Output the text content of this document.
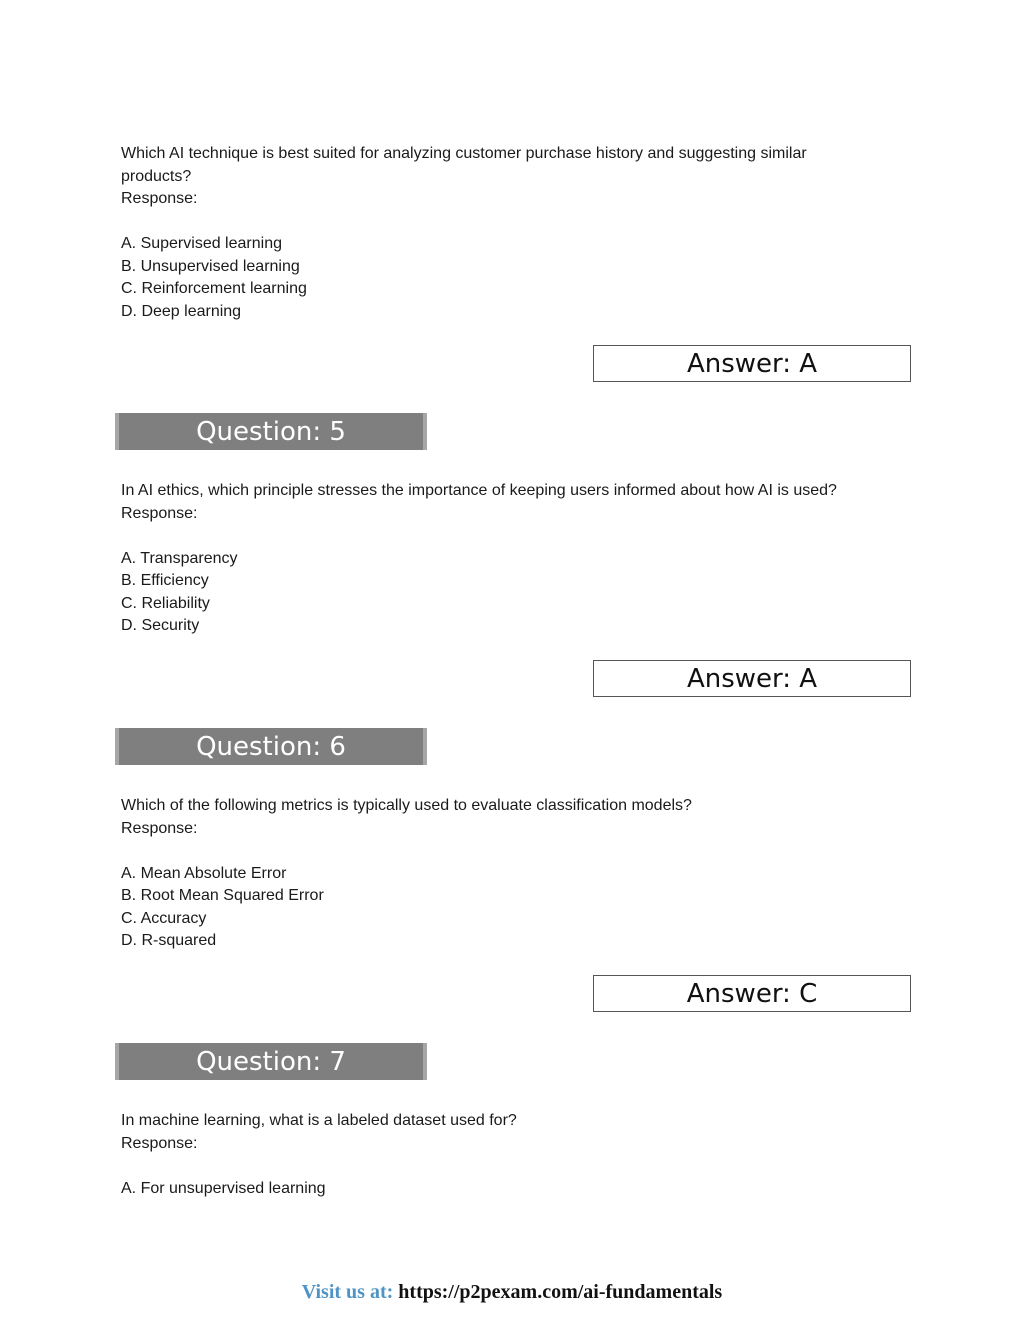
Which AI technique is best suited for analyzing customer purchase history and suggesting similar
products?
Response:
A. Supervised learning
B. Unsupervised learning
C. Reinforcement learning
D. Deep learning
Answer: A
Question: 5
In AI ethics, which principle stresses the importance of keeping users informed about how AI is used?
Response:
A. Transparency
B. Efficiency
C. Reliability
D. Security
Answer: A
Question: 6
Which of the following metrics is typically used to evaluate classification models?
Response:
A. Mean Absolute Error
B. Root Mean Squared Error
C. Accuracy
D. R-squared
Answer: C
Question: 7
In machine learning, what is a labeled dataset used for?
Response:
A. For unsupervised learning
Visit us at: https://p2pexam.com/ai-fundamentals
